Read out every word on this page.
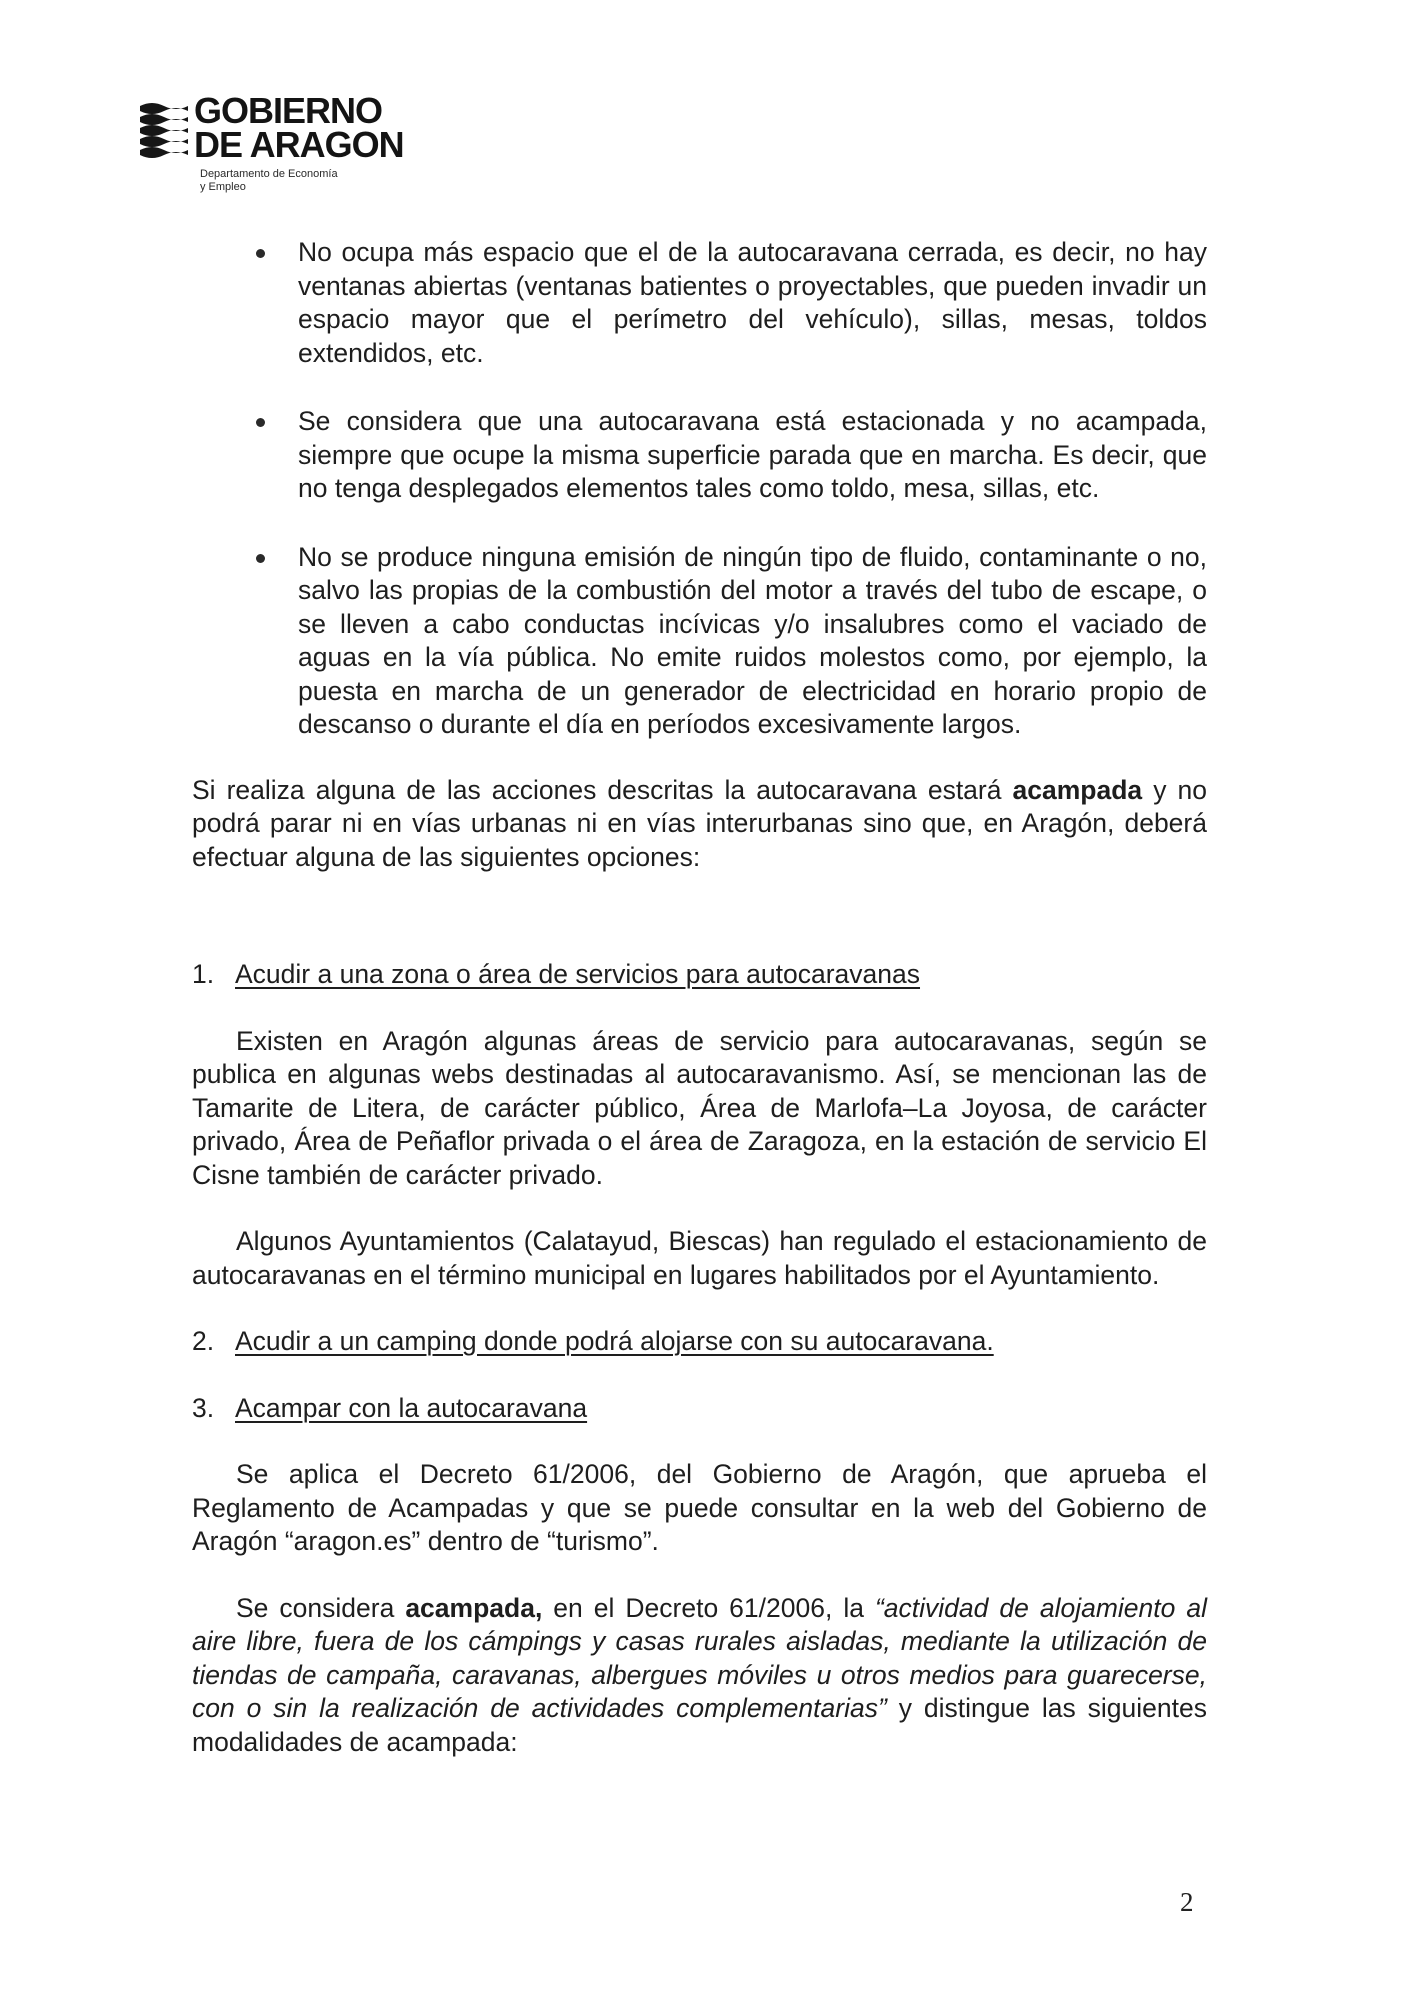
GOBIERNO
DE ARAGON
Departamento de Economía
y Empleo
No ocupa más espacio que el de la autocaravana cerrada, es decir, no hay ventanas abiertas (ventanas batientes o proyectables, que pueden invadir un espacio mayor que el perímetro del vehículo), sillas, mesas, toldos extendidos, etc.
Se considera que una autocaravana está estacionada y no acampada, siempre que ocupe la misma superficie parada que en marcha. Es decir, que no tenga desplegados elementos tales como toldo, mesa, sillas, etc.
No se produce ninguna emisión de ningún tipo de fluido, contaminante o no, salvo las propias de la combustión del motor a través del tubo de escape, o se lleven a cabo conductas incívicas y/o insalubres como el vaciado de aguas en la vía pública. No emite ruidos molestos como, por ejemplo, la puesta en marcha de un generador de electricidad en horario propio de descanso o durante el día en períodos excesivamente largos.

Si realiza alguna de las acciones descritas la autocaravana estará acampada y no podrá parar ni en vías urbanas ni en vías interurbanas sino que, en Aragón, deberá efectuar alguna de las siguientes opciones:

1. Acudir a una zona o área de servicios para autocaravanas

Existen en Aragón algunas áreas de servicio para autocaravanas, según se publica en algunas webs destinadas al autocaravanismo. Así, se mencionan las de Tamarite de Litera, de carácter público, Área de Marlofa–La Joyosa, de carácter privado, Área de Peñaflor privada o el área de Zaragoza, en la estación de servicio El Cisne también de carácter privado.

Algunos Ayuntamientos (Calatayud, Biescas) han regulado el estacionamiento de autocaravanas en el término municipal en lugares habilitados por el Ayuntamiento.

2. Acudir a un camping donde podrá alojarse con su autocaravana.
3. Acampar con la autocaravana

Se aplica el Decreto 61/2006, del Gobierno de Aragón, que aprueba el Reglamento de Acampadas y que se puede consultar en la web del Gobierno de Aragón “aragon.es” dentro de “turismo”.

Se considera acampada, en el Decreto 61/2006, la “actividad de alojamiento al aire libre, fuera de los cámpings y casas rurales aisladas, mediante la utilización de tiendas de campaña, caravanas, albergues móviles u otros medios para guarecerse, con o sin la realización de actividades complementarias” y distingue las siguientes modalidades de acampada:

2
